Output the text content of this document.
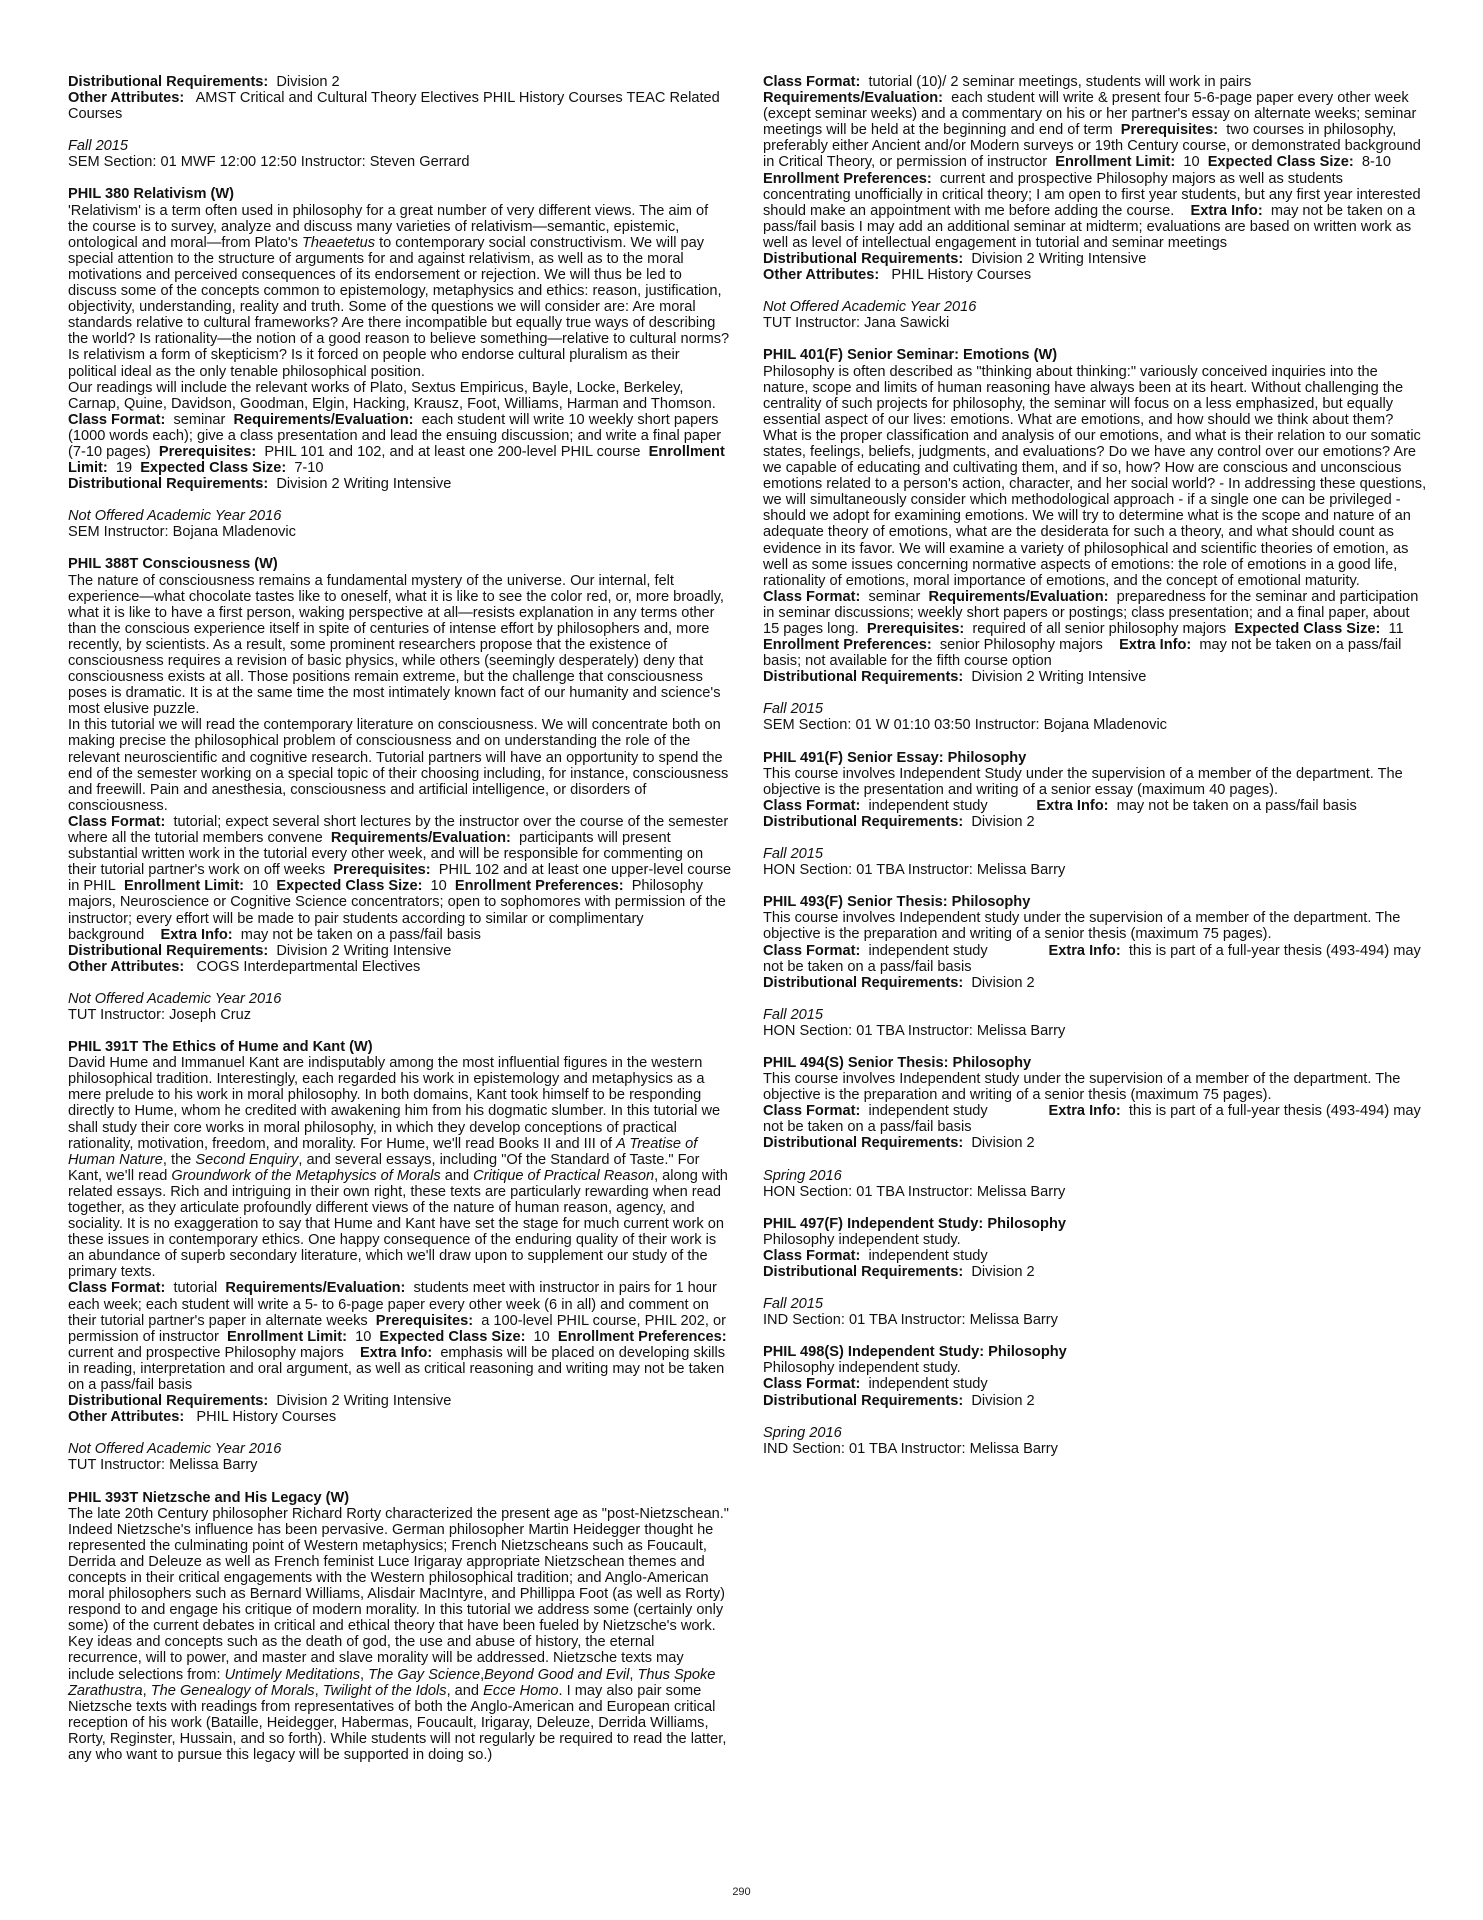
Distributional Requirements: Division 2

Other Attributes: AMST Critical and Cultural Theory Electives PHIL History Courses TEAC Related Courses

Fall 2015

SEM Section: 01 MWF 12:00 12:50 Instructor: Steven Gerrard

PHIL 380 Relativism (W)

'Relativism' is a term often used in philosophy for a great number of very different views. The aim of the course is to survey, analyze and discuss many varieties of relativism—semantic, epistemic, ontological and moral—from Plato's Theaetetus to contemporary social constructivism. We will pay special attention to the structure of arguments for and against relativism, as well as to the moral motivations and perceived consequences of its endorsement or rejection. We will thus be led to discuss some of the concepts common to epistemology, metaphysics and ethics: reason, justification, objectivity, understanding, reality and truth. Some of the questions we will consider are: Are moral standards relative to cultural frameworks? Are there incompatible but equally true ways of describing the world? Is rationality—the notion of a good reason to believe something—relative to cultural norms? Is relativism a form of skepticism? Is it forced on people who endorse cultural pluralism as their political ideal as the only tenable philosophical position.

Our readings will include the relevant works of Plato, Sextus Empiricus, Bayle, Locke, Berkeley, Carnap, Quine, Davidson, Goodman, Elgin, Hacking, Krausz, Foot, Williams, Harman and Thomson.

Class Format: seminar Requirements/Evaluation: each student will write 10 weekly short papers (1000 words each); give a class presentation and lead the ensuing discussion; and write a final paper (7-10 pages) Prerequisites: PHIL 101 and 102, and at least one 200-level PHIL course Enrollment Limit: 19 Expected Class Size: 7-10

Distributional Requirements: Division 2 Writing Intensive

Not Offered Academic Year 2016

SEM Instructor: Bojana Mladenovic

PHIL 388T Consciousness (W)

The nature of consciousness remains a fundamental mystery of the universe. Our internal, felt experience—what chocolate tastes like to oneself, what it is like to see the color red, or, more broadly, what it is like to have a first person, waking perspective at all—resists explanation in any terms other than the conscious experience itself in spite of centuries of intense effort by philosophers and, more recently, by scientists. As a result, some prominent researchers propose that the existence of consciousness requires a revision of basic physics, while others (seemingly desperately) deny that consciousness exists at all. Those positions remain extreme, but the challenge that consciousness poses is dramatic. It is at the same time the most intimately known fact of our humanity and science's most elusive puzzle.

In this tutorial we will read the contemporary literature on consciousness. We will concentrate both on making precise the philosophical problem of consciousness and on understanding the role of the relevant neuroscientific and cognitive research. Tutorial partners will have an opportunity to spend the end of the semester working on a special topic of their choosing including, for instance, consciousness and freewill. Pain and anesthesia, consciousness and artificial intelligence, or disorders of consciousness.

Class Format: tutorial; expect several short lectures by the instructor over the course of the semester where all the tutorial members convene Requirements/Evaluation: participants will present substantial written work in the tutorial every other week, and will be responsible for commenting on their tutorial partner's work on off weeks Prerequisites: PHIL 102 and at least one upper-level course in PHIL Enrollment Limit: 10 Expected Class Size: 10 Enrollment Preferences: Philosophy majors, Neuroscience or Cognitive Science concentrators; open to sophomores with permission of the instructor; every effort will be made to pair students according to similar or complimentary background Extra Info: may not be taken on a pass/fail basis

Distributional Requirements: Division 2 Writing Intensive

Other Attributes: COGS Interdepartmental Electives

Not Offered Academic Year 2016

TUT Instructor: Joseph Cruz

PHIL 391T The Ethics of Hume and Kant (W)

David Hume and Immanuel Kant are indisputably among the most influential figures in the western philosophical tradition. Interestingly, each regarded his work in epistemology and metaphysics as a mere prelude to his work in moral philosophy. In both domains, Kant took himself to be responding directly to Hume, whom he credited with awakening him from his dogmatic slumber. In this tutorial we shall study their core works in moral philosophy, in which they develop conceptions of practical rationality, motivation, freedom, and morality. For Hume, we'll read Books II and III of A Treatise of Human Nature, the Second Enquiry, and several essays, including "Of the Standard of Taste." For Kant, we'll read Groundwork of the Metaphysics of Morals and Critique of Practical Reason, along with related essays. Rich and intriguing in their own right, these texts are particularly rewarding when read together, as they articulate profoundly different views of the nature of human reason, agency, and sociality. It is no exaggeration to say that Hume and Kant have set the stage for much current work on these issues in contemporary ethics. One happy consequence of the enduring quality of their work is an abundance of superb secondary literature, which we'll draw upon to supplement our study of the primary texts.

Class Format: tutorial Requirements/Evaluation: students meet with instructor in pairs for 1 hour each week; each student will write a 5- to 6-page paper every other week (6 in all) and comment on their tutorial partner's paper in alternate weeks Prerequisites: a 100-level PHIL course, PHIL 202, or permission of instructor Enrollment Limit: 10 Expected Class Size: 10 Enrollment Preferences:  current and prospective Philosophy majors Extra Info: emphasis will be placed on developing skills in reading, interpretation and oral argument, as well as critical reasoning and writing may not be taken on a pass/fail basis

Distributional Requirements: Division 2 Writing Intensive

Other Attributes: PHIL History Courses

Not Offered Academic Year 2016

TUT Instructor: Melissa Barry

PHIL 393T Nietzsche and His Legacy (W)

The late 20th Century philosopher Richard Rorty characterized the present age as "post-Nietzschean." Indeed Nietzsche's influence has been pervasive. German philosopher Martin Heidegger thought he represented the culminating point of Western metaphysics; French Nietzscheans such as Foucault, Derrida and Deleuze as well as French feminist Luce Irigaray appropriate Nietzschean themes and concepts in their critical engagements with the Western philosophical tradition; and Anglo-American moral philosophers such as Bernard Williams, Alisdair MacIntyre, and Phillippa Foot (as well as Rorty) respond to and engage his critique of modern morality. In this tutorial we address some (certainly only some) of the current debates in critical and ethical theory that have been fueled by Nietzsche's work. Key ideas and concepts such as the death of god, the use and abuse of history, the eternal recurrence, will to power, and master and slave morality will be addressed. Nietzsche texts may include selections from: Untimely Meditations, The Gay Science,Beyond Good and Evil, Thus Spoke Zarathustra, The Genealogy of Morals, Twilight of the Idols, and Ecce Homo. I may also pair some Nietzsche texts with readings from representatives of both the Anglo-American and European critical reception of his work (Bataille, Heidegger, Habermas, Foucault, Irigaray, Deleuze, Derrida Williams, Rorty, Reginster, Hussain, and so forth). While students will not regularly be required to read the latter, any who want to pursue this legacy will be supported in doing so.)

Class Format: tutorial (10)/ 2 seminar meetings, students will work in pairs  Requirements/Evaluation: each student will write & present four 5-6-page paper every other week (except seminar weeks) and a commentary on his or her partner's essay on alternate weeks; seminar meetings will be held at the beginning and end of term Prerequisites: two courses in philosophy, preferably either Ancient and/or Modern surveys or 19th Century course, or demonstrated background in Critical Theory, or permission of instructor Enrollment Limit: 10 Expected Class Size: 8-10  Enrollment Preferences: current and prospective Philosophy majors as well as students concentrating unofficially in critical theory; I am open to first year students, but any first year interested should make an appointment with me before adding the course. Extra Info: may not be taken on a pass/fail basis I may add an additional seminar at midterm; evaluations are based on written work as well as level of intellectual engagement in tutorial and seminar meetings

Distributional Requirements: Division 2 Writing Intensive

Other Attributes: PHIL History Courses

Not Offered Academic Year 2016

TUT Instructor: Jana Sawicki

PHIL 401(F) Senior Seminar: Emotions (W)

Philosophy is often described as "thinking about thinking:" variously conceived inquiries into the nature, scope and limits of human reasoning have always been at its heart. Without challenging the centrality of such projects for philosophy, the seminar will focus on a less emphasized, but equally essential aspect of our lives: emotions. What are emotions, and how should we think about them? What is the proper classification and analysis of our emotions, and what is their relation to our somatic states, feelings, beliefs, judgments, and evaluations? Do we have any control over our emotions? Are we capable of educating and cultivating them, and if so, how? How are conscious and unconscious emotions related to a person's action, character, and her social world? - In addressing these questions, we will simultaneously consider which methodological approach - if a single one can be privileged - should we adopt for examining emotions. We will try to determine what is the scope and nature of an adequate theory of emotions, what are the desiderata for such a theory, and what should count as evidence in its favor. We will examine a variety of philosophical and scientific theories of emotion, as well as some issues concerning normative aspects of emotions: the role of emotions in a good life, rationality of emotions, moral importance of emotions, and the concept of emotional maturity.

Class Format: seminar Requirements/Evaluation: preparedness for the seminar and participation in seminar discussions; weekly short papers or postings; class presentation; and a final paper, about 15 pages long. Prerequisites: required of all senior philosophy majors Expected Class Size: 11  Enrollment Preferences: senior Philosophy majors Extra Info: may not be taken on a pass/fail basis; not available for the fifth course option

Distributional Requirements: Division 2 Writing Intensive

Fall 2015

SEM Section: 01 W 01:10 03:50 Instructor: Bojana Mladenovic

PHIL 491(F) Senior Essay: Philosophy

This course involves Independent Study under the supervision of a member of the department. The objective is the presentation and writing of a senior essay (maximum 40 pages).

Class Format: independent study	Extra Info: may not be taken on a pass/fail basis

Distributional Requirements: Division 2

Fall 2015

HON Section: 01 TBA Instructor: Melissa Barry

PHIL 493(F) Senior Thesis: Philosophy

This course involves Independent study under the supervision of a member of the department. The objective is the preparation and writing of a senior thesis (maximum 75 pages).

Class Format: independent study	Extra Info: this is part of a full-year thesis (493-494) may not be taken on a pass/fail basis

Distributional Requirements: Division 2

Fall 2015

HON Section: 01 TBA Instructor: Melissa Barry

PHIL 494(S) Senior Thesis: Philosophy

This course involves Independent study under the supervision of a member of the department. The objective is the preparation and writing of a senior thesis (maximum 75 pages).

Class Format: independent study	Extra Info: this is part of a full-year thesis (493-494) may not be taken on a pass/fail basis

Distributional Requirements: Division 2

Spring 2016

HON Section: 01 TBA Instructor: Melissa Barry

PHIL 497(F) Independent Study: Philosophy

Philosophy independent study.

Class Format: independent study

Distributional Requirements: Division 2

Fall 2015

IND Section: 01 TBA Instructor: Melissa Barry

PHIL 498(S) Independent Study: Philosophy

Philosophy independent study.

Class Format: independent study

Distributional Requirements: Division 2

Spring 2016

IND Section: 01 TBA Instructor: Melissa Barry

290
